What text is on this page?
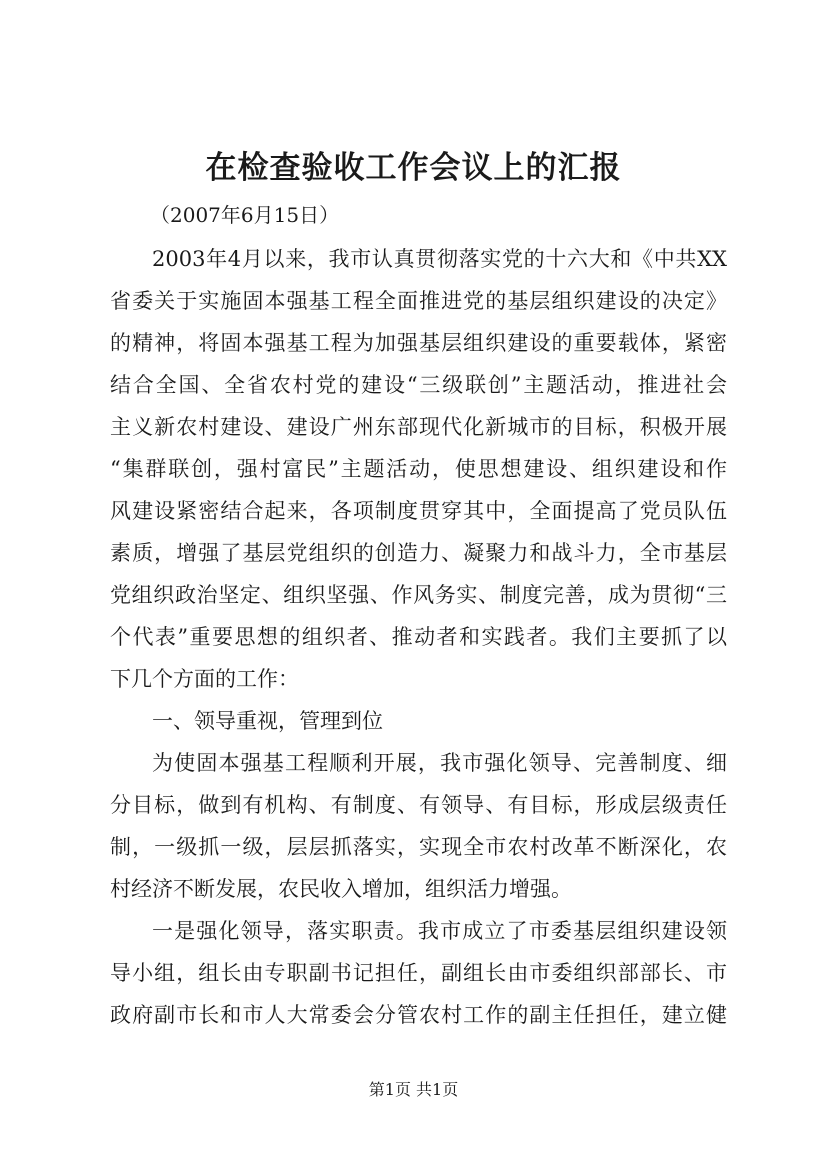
在检查验收工作会议上的汇报
（2007年6月15日）
2003年4月以来，我市认真贯彻落实党的十六大和《中共XX
省委关于实施固本强基工程全面推进党的基层组织建设的决定》
的精神，将固本强基工程为加强基层组织建设的重要载体，紧密
结合全国、全省农村党的建设“三级联创”主题活动，推进社会
主义新农村建设、建设广州东部现代化新城市的目标，积极开展
“集群联创，强村富民”主题活动，使思想建设、组织建设和作
风建设紧密结合起来，各项制度贯穿其中，全面提高了党员队伍
素质，增强了基层党组织的创造力、凝聚力和战斗力，全市基层
党组织政治坚定、组织坚强、作风务实、制度完善，成为贯彻“三
个代表”重要思想的组织者、推动者和实践者。我们主要抓了以
下几个方面的工作：
一、领导重视，管理到位
为使固本强基工程顺利开展，我市强化领导、完善制度、细
分目标，做到有机构、有制度、有领导、有目标，形成层级责任
制，一级抓一级，层层抓落实，实现全市农村改革不断深化，农
村经济不断发展，农民收入增加，组织活力增强。
一是强化领导，落实职责。我市成立了市委基层组织建设领
导小组，组长由专职副书记担任，副组长由市委组织部部长、市
政府副市长和市人大常委会分管农村工作的副主任担任，建立健
第1页 共1页
